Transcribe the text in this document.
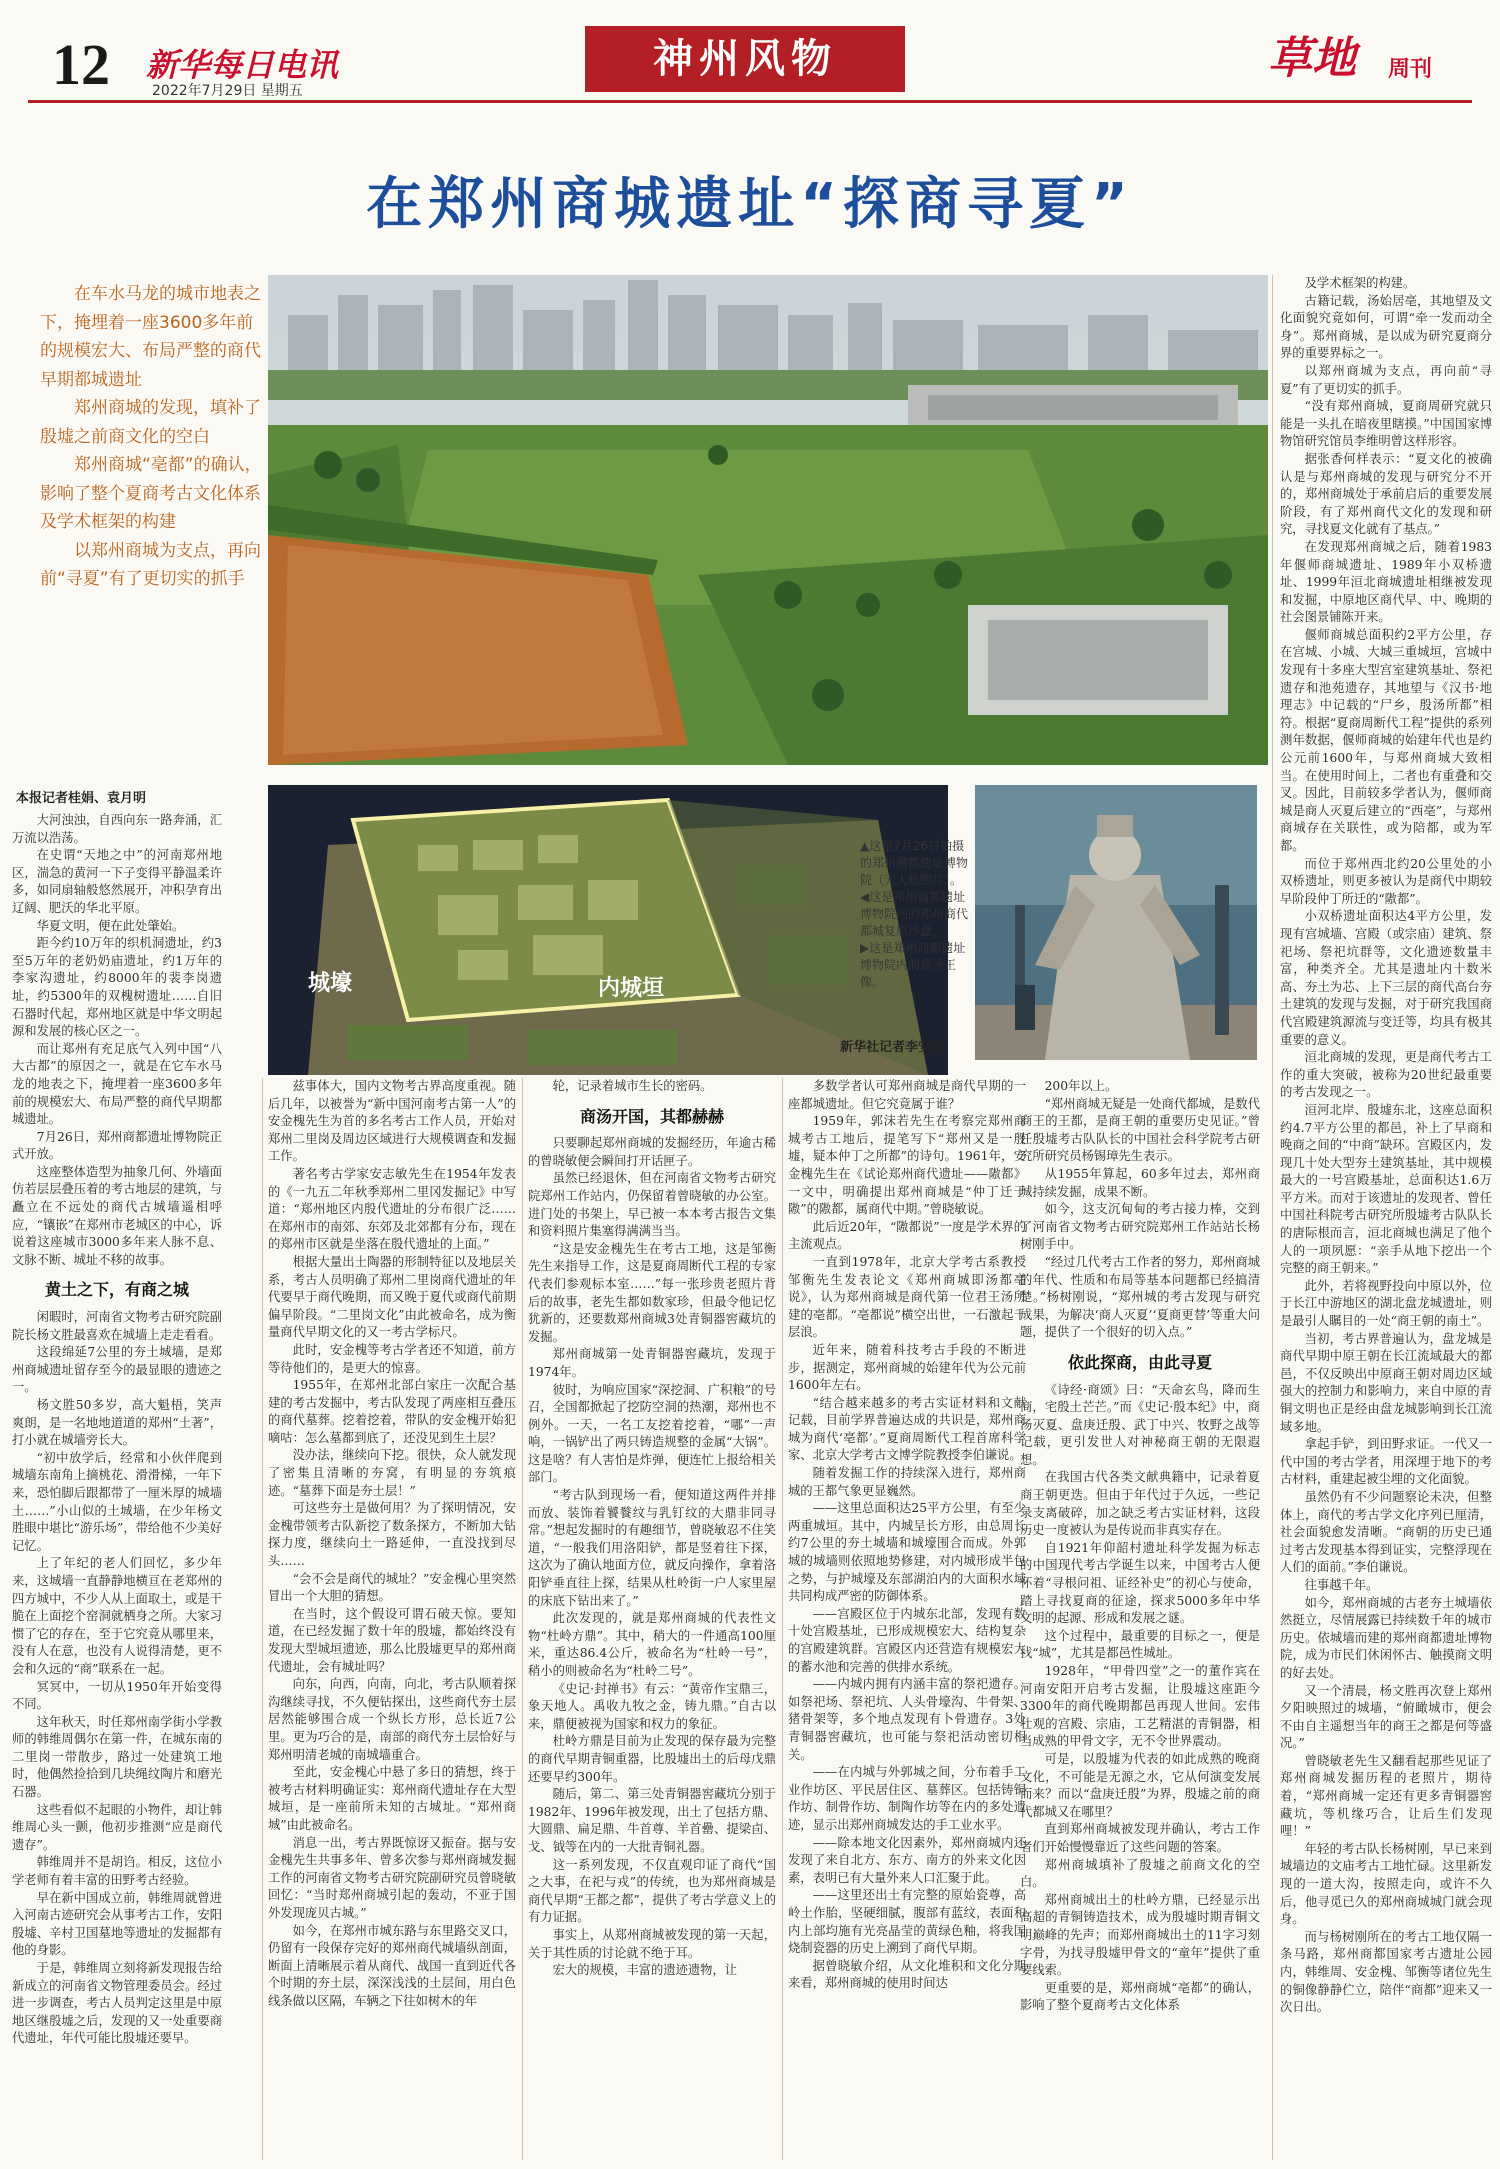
12 新华每日电讯
2022年7月29日 星期五
神州风物	草地 周刊
在郑州商城遗址“探商寻夏”

在车水马龙的城市地表之下，掩埋着一座3600多年前的规模宏大、布局严整的商代早期都城遗址

郑州商城的发现，填补了殷墟之前商文化的空白

郑州商城“亳都”的确认，影响了整个夏商考古文化体系及学术框架的构建

以郑州商城为支点，再向前“寻夏”有了更切实的抓手

内城垣
城壕

▲这是7月26日拍摄的郑州商都遗址博物院（无人机照片）。

◀这是郑州商都遗址博物院内的郑州商代都城复原沙盘。

▶这是郑州商都遗址博物院内的商汤王像。

新华社记者李安摄
本报记者桂娟、袁月明

大河浊浊，自西向东一路奔涌，汇万流以浩荡。

在史谓“天地之中”的河南郑州地区，湍急的黄河一下子变得平静温柔许多，如同扇轴般悠然展开，冲积孕育出辽阔、肥沃的华北平原。

华夏文明，便在此处肇始。

距今约10万年的织机洞遗址，约3至5万年的老奶奶庙遗址，约1万年的李家沟遗址，约8000年的裴李岗遗址，约5300年的双槐树遗址……自旧石器时代起，郑州地区就是中华文明起源和发展的核心区之一。

而让郑州有充足底气入列中国“八大古都”的原因之一，就是在它车水马龙的地表之下，掩埋着一座3600多年前的规模宏大、布局严整的商代早期都城遗址。

7月26日，郑州商都遗址博物院正式开放。

这座整体造型为抽象几何、外墙面仿若层层叠压着的考古地层的建筑，与矗立在不远处的商代古城墙遥相呼应，“镶嵌”在郑州市老城区的中心，诉说着这座城市3000多年来人脉不息、文脉不断、城址不移的故事。

黄土之下，有商之城

闲暇时，河南省文物考古研究院副院长杨文胜最喜欢在城墙上走走看看。

这段绵延7公里的夯土城墙，是郑州商城遗址留存至今的最显眼的遗迹之一。

杨文胜50多岁，高大魁梧，笑声爽朗，是一名地地道道的郑州“土著”，打小就在城墙旁长大。

“初中放学后，经常和小伙伴爬到城墙东南角上摘桃花、滑滑梯，一年下来，恐怕脚后跟都带了一厘米厚的城墙土……”小山似的土城墙，在少年杨文胜眼中堪比“游乐场”，带给他不少美好记忆。

上了年纪的老人们回忆，多少年来，这城墙一直静静地横亘在老郑州的四方城中，不少人从上面取土，或是干脆在上面挖个窑洞就栖身之所。大家习惯了它的存在，至于它究竟从哪里来，没有人在意，也没有人说得清楚，更不会和久远的“商”联系在一起。

冥冥中，一切从1950年开始变得不同。

这年秋天，时任郑州南学街小学教师的韩维周偶尔在第一件，在城东南的二里岗一带散步，路过一处建筑工地时，他偶然捡拾到几块绳纹陶片和磨光石器。

这些看似不起眼的小物件，却让韩维周心头一颤，他初步推测“应是商代遗存”。

韩维周并不是胡诌。相反，这位小学老师有着丰富的田野考古经验。

早在新中国成立前，韩维周就曾进入河南古迹研究会从事考古工作，安阳殷墟、辛村卫国墓地等遗址的发掘都有他的身影。

于是，韩维周立刻将新发现报告给新成立的河南省文物管理委员会。经过进一步调查，考古人员判定这里是中原地区继殷墟之后，发现的又一处重要商代遗址，年代可能比殷墟还要早。

兹事体大，国内文物考古界高度重视。随后几年，以被誉为“新中国河南考古第一人”的安金槐先生为首的多名考古工作人员，开始对郑州二里岗及周边区域进行大规模调查和发掘工作。

著名考古学家安志敏先生在1954年发表的《一九五二年秋季郑州二里冈发掘记》中写道：“郑州地区内殷代遗址的分布很广泛……在郑州市的南郊、东郊及北郊都有分布，现在的郑州市区就是坐落在殷代遗址的上面。”

根据大量出土陶器的形制特征以及地层关系，考古人员明确了郑州二里岗商代遗址的年代要早于商代晚期，而又晚于夏代或商代前期偏早阶段。“二里岗文化”由此被命名，成为衡量商代早期文化的又一考古学标尺。

此时，安金槐等考古学者还不知道，前方等待他们的，是更大的惊喜。

1955年，在郑州北部白家庄一次配合基建的考古发掘中，考古队发现了两座相互叠压的商代墓葬。挖着挖着，带队的安金槐开始犯嘀咕：怎么墓都到底了，还没见到生土层？

没办法，继续向下挖。很快，众人就发现了密集且清晰的夯窝，有明显的夯筑痕迹。“墓葬下面是夯土层！”

可这些夯土是做何用？为了探明情况，安金槐带领考古队新挖了数条探方，不断加大钻探力度，继续向土一路延伸，一直没找到尽头……

“会不会是商代的城址？”安金槐心里突然冒出一个大胆的猜想。

在当时，这个假设可谓石破天惊。要知道，在已经发掘了数十年的殷墟，都始终没有发现大型城垣遗迹，那么比殷墟更早的郑州商代遗址，会有城址吗？

向东，向西，向南，向北，考古队顺着探沟继续寻找，不久便钻探出，这些商代夯土层居然能够围合成一个纵长方形，总长近7公里。更为巧合的是，南部的商代夯土层恰好与郑州明清老城的南城墙重合。

至此，安金槐心中悬了多日的猜想，终于被考古材料明确证实：郑州商代遗址存在大型城垣，是一座前所未知的古城址。“郑州商城”由此被命名。

消息一出，考古界既惊讶又振奋。据与安金槐先生共事多年、曾多次参与郑州商城发掘工作的河南省文物考古研究院副研究员曾晓敏回忆：“当时郑州商城引起的轰动，不亚于国外发现庞贝古城。”

如今，在郑州市城东路与东里路交叉口，仍留有一段保存完好的郑州商代城墙纵剖面，断面上清晰展示着从商代、战国一直到近代各个时期的夯土层，深深浅浅的土层间，用白色线条做以区隔，车辆之下往如树木的年

轮，记录着城市生长的密码。

商汤开国，其都赫赫

只要聊起郑州商城的发掘经历，年逾古稀的曾晓敏便会瞬间打开话匣子。

虽然已经退休，但在河南省文物考古研究院郑州工作站内，仍保留着曾晓敏的办公室。进门处的书架上，早已被一本本考古报告文集和资料照片集塞得满满当当。

“这是安金槐先生在考古工地，这是邹衡先生来指导工作，这是夏商周断代工程的专家代表们参观标本室……”每一张珍贵老照片背后的故事，老先生都如数家珍，但最令他记忆犹新的，还要数郑州商城3处青铜器窖藏坑的发掘。

郑州商城第一处青铜器窖藏坑，发现于1974年。

彼时，为响应国家“深挖洞、广积粮”的号召，全国都掀起了挖防空洞的热潮，郑州也不例外。一天，一名工友挖着挖着，“哪”一声响，一锅铲出了两只铸造规整的金属“大锅”。这是啥？有人害怕是炸弹，便连忙上报给相关部门。

“考古队到现场一看，便知道这两件并排而放、装饰着饕餮纹与乳钉纹的大鼎非同寻常。”想起发掘时的有趣细节，曾晓敏忍不住笑道，“一般我们用洛阳铲，都是竖着往下探，这次为了确认地面方位，就反向操作，拿着洛阳铲垂直往上探，结果从杜岭街一户人家里屋的床底下钻出来了。”

此次发现的，就是郑州商城的代表性文物“杜岭方鼎”。其中，稍大的一件通高100厘米，重达86.4公斤，被命名为“杜岭一号”，稍小的则被命名为“杜岭二号”。

《史记·封禅书》有云：“黄帝作宝鼎三，象天地人。禹收九牧之金，铸九鼎。”自古以来，鼎便被视为国家和权力的象征。

杜岭方鼎是目前为止发现的保存最为完整的商代早期青铜重器，比殷墟出土的后母戊鼎还要早约300年。

随后，第二、第三处青铜器窖藏坑分别于1982年、1996年被发现，出土了包括方鼎、大圆鼎、扁足鼎、牛首尊、羊首罍、提梁卣、戈、钺等在内的一大批青铜礼器。

这一系列发现，不仅直观印证了商代“国之大事，在祀与戎”的传统，也为郑州商城是商代早期“王都之都”，提供了考古学意义上的有力证据。

事实上，从郑州商城被发现的第一天起，关于其性质的讨论就不绝于耳。

宏大的规模，丰富的遗迹遗物，让

多数学者认可郑州商城是商代早期的一座都城遗址。但它究竟属于谁？

1959年，郭沫若先生在考察完郑州商城考古工地后，提笔写下“郑州又是一殷墟，疑本仲丁之所都”的诗句。1961年，安金槐先生在《试论郑州商代遗址——隞都》一文中，明确提出郑州商城是“仲丁迁于隞”的隞都，属商代中期。”曾晓敏说。

此后近20年，“隞都说”一度是学术界的主流观点。

一直到1978年，北京大学考古系教授邹衡先生发表论文《郑州商城即汤都亳说》，认为郑州商城是商代第一位君王汤所建的亳都。“亳都说”横空出世，一石激起千层浪。

近年来，随着科技考古手段的不断进步，据测定，郑州商城的始建年代为公元前1600年左右。

“结合越来越多的考古实证材料和文献记载，目前学界普遍达成的共识是，郑州商城为商代‘亳都’。”夏商周断代工程首席科学家、北京大学考古文博学院教授李伯谦说。

随着发掘工作的持续深入进行，郑州商城的王都气象更显巍然。

——这里总面积达25平方公里，有至少两重城垣。其中，内城呈长方形，由总周长约7公里的夯土城墙和城壕围合而成。外郭城的城墙则依照地势修建，对内城形成半包之势，与护城壕及东部湖泊内的大面积水域共同构成严密的防御体系。

——宫殿区位于内城东北部，发现有数十处宫殿基址，已形成规模宏大、结构复杂的宫殿建筑群。宫殿区内还营造有规模宏大的蓄水池和完善的供排水系统。

——内城内拥有内涵丰富的祭祀遗存。如祭祀场、祭祀坑、人头骨壕沟、牛骨架、猪骨架等，多个地点发现有卜骨遗存。3处青铜器窖藏坑，也可能与祭祀活动密切相关。

——在内城与外郭城之间，分布着手工业作坊区、平民居住区、墓葬区。包括铸铜作坊、制骨作坊、制陶作坊等在内的多处遗迹，显示出郑州商城发达的手工业水平。

——除本地文化因素外，郑州商城内还发现了来自北方、东方、南方的外来文化因素，表明已有大量外来人口汇聚于此。

——这里还出土有完整的原始瓷尊，高岭土作胎，坚硬细腻，腹部有蓝纹，表面和内上部均施有光亮晶莹的黄绿色釉，将我国烧制瓷器的历史上溯到了商代早期。

据曾晓敏介绍，从文化堆积和文化分期来看，郑州商城的使用时间达

200年以上。

“郑州商城无疑是一处商代都城，是数代商王的王都，是商王朝的重要历史见证。”曾任殷墟考古队队长的中国社会科学院考古研究所研究员杨锡璋先生表示。

从1955年算起，60多年过去，郑州商城持续发掘，成果不断。

如今，这支沉甸甸的考古接力棒，交到了河南省文物考古研究院郑州工作站站长杨树刚手中。

“经过几代考古工作者的努力，郑州商城的年代、性质和布局等基本问题都已经搞清楚。”杨树刚说，“郑州城的考古发现与研究成果，为解决‘商人灭夏’‘夏商更替’等重大问题，提供了一个很好的切入点。”

依此探商，由此寻夏

《诗经·商颂》曰：“天命玄鸟，降而生商，宅殷土芒芒。”而《史记·殷本纪》中，商汤灭夏、盘庚迁殷、武丁中兴、牧野之战等记载，更引发世人对神秘商王朝的无限遐想。

在我国古代各类文献典籍中，记录着夏商王朝更迭。但由于年代过于久远，一些记录支离破碎，加之缺乏考古实证材料，这段历史一度被认为是传说而非真实存在。

自1921年仰韶村遗址科学发掘为标志的中国现代考古学诞生以来，中国考古人便怀着“寻根问祖、证经补史”的初心与使命，踏上寻找夏商的征途，探求5000多年中华文明的起源、形成和发展之谜。

这个过程中，最重要的目标之一，便是找“城”，尤其是都邑性城址。

1928年，“甲骨四堂”之一的董作宾在河南安阳开启考古发掘，让殷墟这座距今3300年的商代晚期都邑再现人世间。宏伟壮观的宫殿、宗庙，工艺精湛的青铜器，相当成熟的甲骨文字，无不令世界震动。

可是，以殷墟为代表的如此成熟的晚商文化，不可能是无源之水，它从何演变发展而来？而以“盘庚迁殷”为界，殷墟之前的商代都城又在哪里？

直到郑州商城被发现并确认，考古工作者们开始慢慢靠近了这些问题的答案。

郑州商城填补了殷墟之前商文化的空白。

郑州商城出土的杜岭方鼎，已经显示出高超的青铜铸造技术，成为殷墟时期青铜文明巅峰的先声；而郑州商城出土的11字习刻字骨，为找寻殷墟甲骨文的“童年”提供了重要线索。

更重要的是，郑州商城“亳都”的确认，影响了整个夏商考古文化体系

及学术框架的构建。

古籍记载，汤始居亳，其地望及文化面貌究竟如何，可谓“牵一发而动全身”。郑州商城，是以成为研究夏商分界的重要界标之一。

以郑州商城为支点，再向前“寻夏”有了更切实的抓手。

“没有郑州商城，夏商周研究就只能是一头扎在暗夜里瞎摸。”中国国家博物馆研究馆员李维明曾这样形容。

据张香何样表示：“夏文化的被确认是与郑州商城的发现与研究分不开的，郑州商城处于承前启后的重要发展阶段，有了郑州商代文化的发现和研究，寻找夏文化就有了基点。”

在发现郑州商城之后，随着1983年偃师商城遗址、1989年小双桥遗址、1999年洹北商城遗址相继被发现和发掘，中原地区商代早、中、晚期的社会图景铺陈开来。

偃师商城总面积约2平方公里，存在宫城、小城、大城三重城垣，宫城中发现有十多座大型宫室建筑基址、祭祀遗存和池苑遗存，其地望与《汉书·地理志》中记载的“尸乡，殷汤所都”相符。根据“夏商周断代工程”提供的系列测年数据，偃师商城的始建年代也是约公元前1600年，与郑州商城大致相当。在使用时间上，二者也有重叠和交叉。因此，目前较多学者认为，偃师商城是商人灭夏后建立的“西亳”，与郑州商城存在关联性，或为陪都，或为军都。

而位于郑州西北约20公里处的小双桥遗址，则更多被认为是商代中期较早阶段仲丁所迁的“隞都”。

小双桥遗址面积达4平方公里，发现有宫城墙、宫殿（或宗庙）建筑、祭祀场、祭祀坑群等，文化遗迹数量丰富，种类齐全。尤其是遗址内十数米高、夯土为芯、上下三层的商代高台夯土建筑的发现与发掘，对于研究我国商代宫殿建筑源流与变迁等，均具有极其重要的意义。

洹北商城的发现，更是商代考古工作的重大突破，被称为20世纪最重要的考古发现之一。

洹河北岸、殷墟东北，这座总面积约4.7平方公里的都邑，补上了早商和晚商之间的“中商”缺环。宫殿区内，发现几十处大型夯土建筑基址，其中规模最大的一号宫殿基址，总面积达1.6万平方米。而对于该遗址的发现者、曾任中国社科院考古研究所殷墟考古队队长的唐际根而言，洹北商城也满足了他个人的一项夙愿：“亲手从地下挖出一个完整的商王朝来。”

此外，若将视野投向中原以外，位于长江中游地区的湖北盘龙城遗址，则是最引人瞩目的一处“商王朝的南土”。

当初，考古界普遍认为，盘龙城是商代早期中原王朝在长江流域最大的都邑，不仅反映出中原商王朝对周边区域强大的控制力和影响力，来自中原的青铜文明也正是经由盘龙城影响到长江流域多地。

拿起手铲，到田野求证。一代又一代中国的考古学者，用深埋于地下的考古材料，重建起被尘埋的文化面貌。

虽然仍有不少问题察论未决，但整体上，商代的考古学文化序列已厘清，社会面貌愈发清晰。“商朝的历史已通过考古发现基本得到证实，完整浮现在人们的面前。”李伯谦说。

往事越千年。

如今，郑州商城的古老夯土城墙依然挺立，尽情展露已持续数千年的城市历史。依城墙而建的郑州商都遗址博物院，成为市民们休闲怀古、触摸商文明的好去处。

又一个清晨，杨文胜再次登上郑州夕阳映照过的城墙，“俯瞰城市，便会不由自主遥想当年的商王之都是何等盛况。”

曾晓敏老先生又翻看起那些见证了郑州商城发掘历程的老照片，期待着，“郑州商城一定还有更多青铜器窖藏坑，等机缘巧合，让后生们发现哩！”

年轻的考古队长杨树刚，早已来到城墙边的文庙考古工地忙碌。这里新发现的一道大沟，按照走向，或许不久后，他寻觅已久的郑州商城城门就会现身。

而与杨树刚所在的考古工地仅隔一条马路，郑州商都国家考古遗址公园内，韩维周、安金槐、邹衡等诸位先生的铜像静静伫立，陪伴“商都”迎来又一次日出。
